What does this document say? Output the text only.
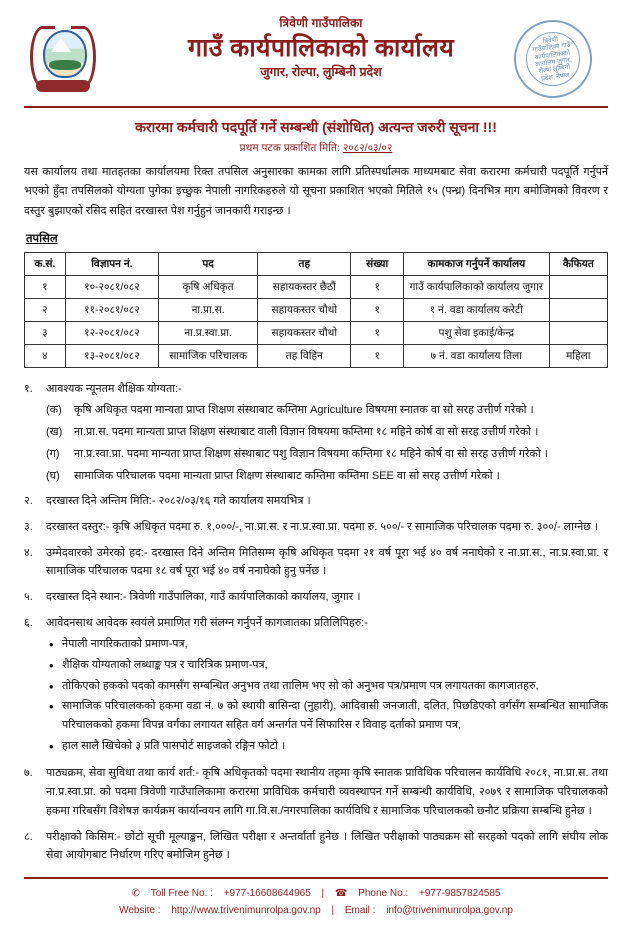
त्रिवेणी गाउँपालिका
गाउँ कार्यपालिकाको कार्यालय
जुगार, रोल्पा, लुम्बिनी प्रदेश
त्रिवेणी गाउँपालिका गाउँ कार्यपालिकाको कार्यालय जुगार, रोल्पा लुम्बिनी प्रदेश, नेपाल
करारमा कर्मचारी पदपूर्ति गर्ने सम्बन्धी (संशोधित) अत्यन्त जरुरी सूचना !!!
प्रथम पटक प्रकाशित मिति: २०८२/०३/०२

यस कार्यालय तथा मातहतका कार्यालयमा रिक्त तपसिल अनुसारका कामका लागि प्रतिस्पर्धात्मक माध्यमबाट सेवा करारमा कर्मचारी पदपूर्ति गर्नुपर्ने भएको हुँदा तपसिलको योग्यता पुगेका इच्छुक नेपाली नागरिकहरुले यो सूचना प्रकाशित भएको मितिले १५ (पन्ध्र) दिनभित्र माग बमोजिमको विवरण र दस्तुर बुझाएको रसिद सहित दरखास्त पेश गर्नुहुन जानकारी गराइन्छ ।

तपसिल
क.सं.	विज्ञापन नं.	पद	तह	संख्या	कामकाज गर्नुपर्ने कार्यालय	कैफियत
१	१०-२०८१/०८२	कृषि अधिकृत	सहायकस्तर छैठौं	१	गाउँ कार्यपालिकाको कार्यालय जुगार	
२	११-२०८१/०८२	ना.प्रा.स.	सहायकस्तर चौथो	१	१ नं. वडा कार्यालय करेटी	
३	१२-२०८१/०८२	ना.प्र.स्वा.प्रा.	सहायकस्तर चौथो	१	पशु सेवा इकाई/केन्द्र	
४	१३-२०८१/०८२	सामाजिक परिचालक	तह विहिन	१	७ नं. वडा कार्यालय तिला	महिला
१.	आवश्यक न्यूनतम शैक्षिक योग्यता:-
(क)	कृषि अधिकृत पदमा मान्यता प्राप्त शिक्षण संस्थाबाट कम्तिमा Agriculture विषयमा स्नातक वा सो सरह उत्तीर्ण गरेको ।
(ख)	ना.प्रा.स. पदमा मान्यता प्राप्त शिक्षण संस्थाबाट वाली विज्ञान विषयमा कम्तिमा १८ महिने कोर्ष वा सो सरह उत्तीर्ण गरेको ।
(ग)	ना.प्र.स्वा.प्रा. पदमा मान्यता प्राप्त शिक्षण संस्थाबाट पशु विज्ञान विषयमा कम्तिमा १८ महिने कोर्ष वा सो सरह उत्तीर्ण गरेको ।
(घ)	सामाजिक परिचालक पदमा मान्यता प्राप्त शिक्षण संस्थाबाट कम्तिमा कम्तिमा SEE वा सो सरह उत्तीर्ण गरेको ।
२.	दरखास्त दिने अन्तिम मिति:- २०८२/०३/१६ गते कार्यालय समयभित्र ।
३.	दरखास्त दस्तुर:- कृषि अधिकृत पदमा रु. १,०००/-, ना.प्रा.स. र ना.प्र.स्वा.प्रा. पदमा रु. ५००/- र सामाजिक परिचालक पदमा रु. ३००/- लाग्नेछ ।
४.	उम्मेदवारको उमेरको हद:- दरखास्त दिने अन्तिम मितिसम्म कृषि अधिकृत पदमा २१ वर्ष पूरा भई ४० वर्ष ननाघेको र ना.प्रा.स., ना.प्र.स्वा.प्रा. र सामाजिक परिचालक पदमा १८ वर्ष पूरा भई ४० वर्ष ननाघेको हुनु पर्नेछ ।
५.	दरखास्त दिने स्थान:- त्रिवेणी गाउँपालिका, गाउँ कार्यपालिकाको कार्यालय, जुगार ।
६.	आवेदनसाथ आवेदक स्वयंले प्रमाणित गरी संलग्न गर्नुपर्ने कागजातका प्रतिलिपिहरु:-
• नेपाली नागरिकताको प्रमाण-पत्र,
• शैक्षिक योग्यताको लब्धाङ्क पत्र र चारित्रिक प्रमाण-पत्र,
• तोकिएको हकको पदको कामसँग सम्बन्धित अनुभव तथा तालिम भए सो को अनुभव पत्र/प्रमाण पत्र लगायतका कागजातहरु,
• सामाजिक परिचालकको हकमा वडा नं. ७ को स्थायी बासिन्दा (नुहारी), आदिवासी जनजाती, दलित, पिछडिएको वर्गसँग सम्बन्धित सामाजिक परिचालकको हकमा विपन्न वर्गका लगायत सहित वर्ग अन्तर्गत पर्ने सिफारिस र विवाह दर्ताको प्रमाण पत्र,
• हाल सालै खिचेको ३ प्रति पासपोर्ट साइजको रङ्गिन फोटो ।
७.	पाठ्यक्रम, सेवा सुविधा तथा कार्य शर्त:- कृषि अधिकृतको पदमा स्थानीय तहमा कृषि स्नातक प्राविधिक परिचालन कार्यविधि २०८१, ना.प्रा.स. तथा ना.प्र.स्वा.प्रा. को पदमा त्रिवेणी गाउँपालिकामा करारमा प्राविधिक कर्मचारी व्यवस्थापन गर्ने सम्बन्धी कार्यविधि, २०७९ र सामाजिक परिचालकको हकमा गरिबसँग विशेषज्ञ कार्यक्रम कार्यान्वयन लागि गा.वि.स./नगरपालिका कार्यविधि र सामाजिक परिचालकको छनौट प्रक्रिया सम्बन्धि हुनेछ ।
८.	परीक्षाको किसिम:- छोटो सूची मूल्याङ्कन, लिखित परीक्षा र अन्तर्वार्ता हुनेछ । लिखित परीक्षाको पाठ्यक्रम सो सरहको पदको लागि संघीय लोक सेवा आयोगबाट निर्धारण गरिए बमोजिम हुनेछ ।
✆ Toll Free No. : +977-16608644965 | ☎ Phone No.: +977-9857824585
Website : http://www.trivenimunrolpa.gov.np | Email : info@trivenimunrolpa.gov.np
